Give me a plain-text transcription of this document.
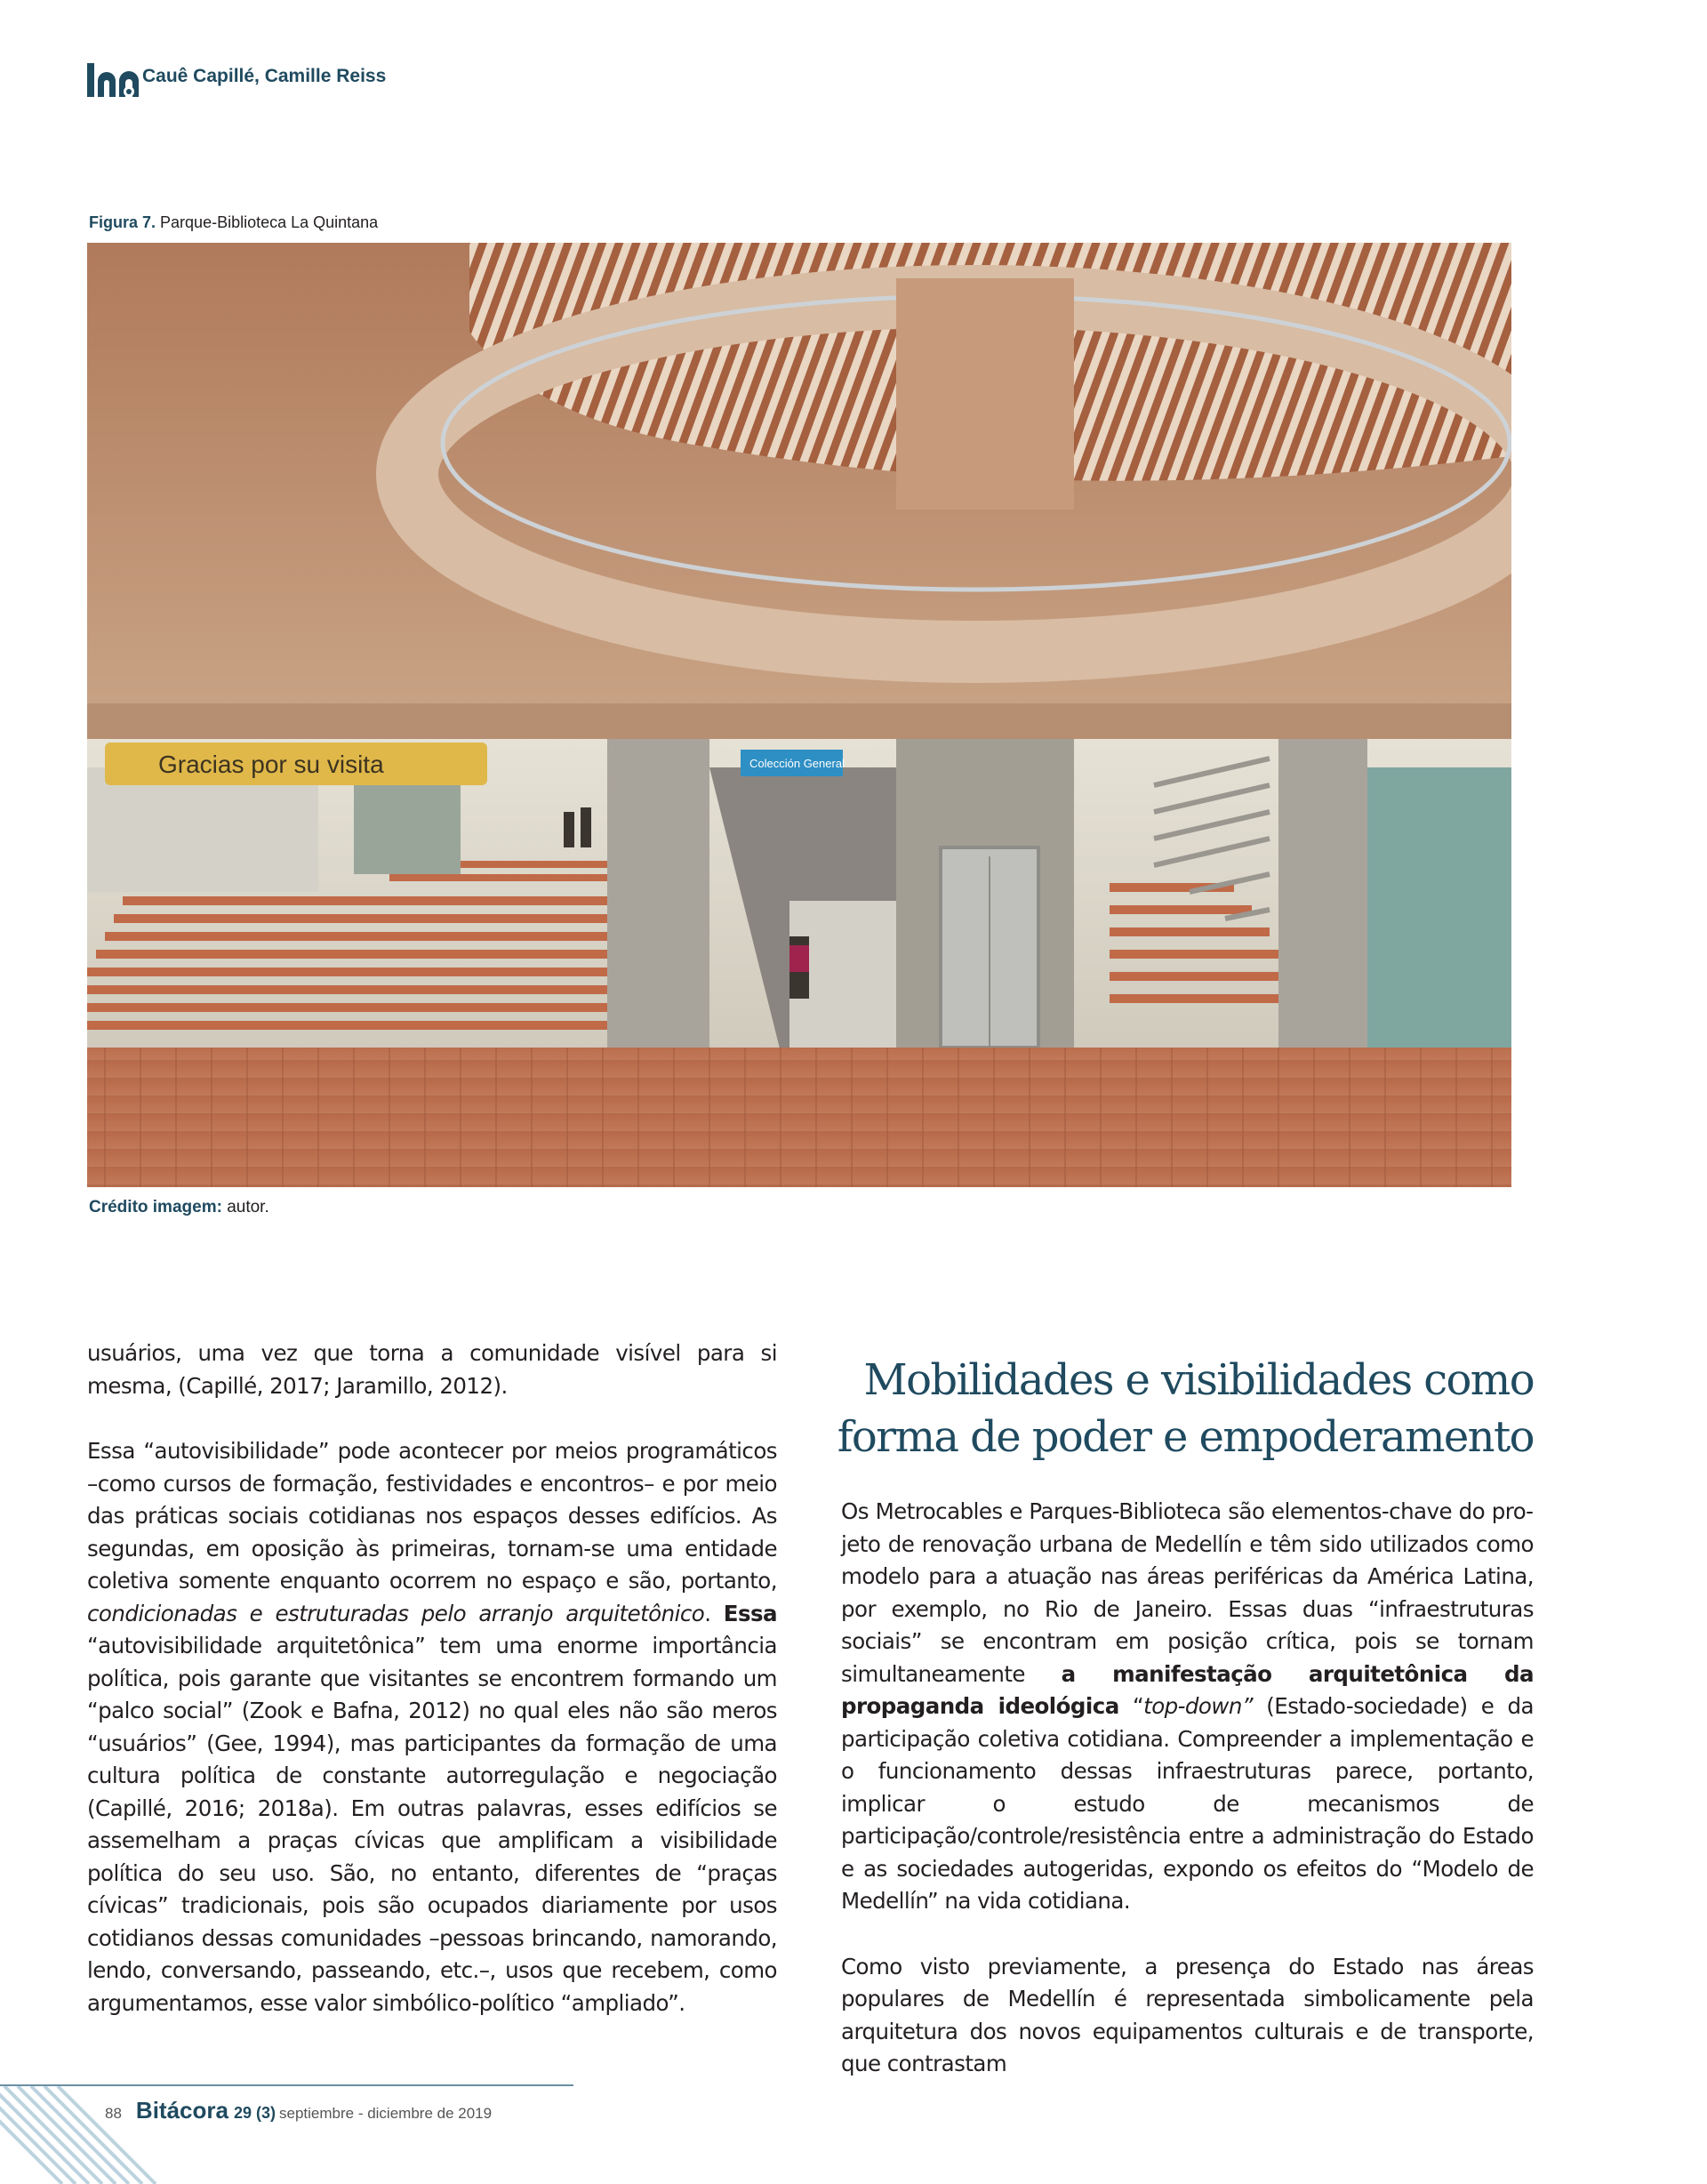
Cauê Capillé, Camille Reiss
Figura 7. Parque-Biblioteca La Quintana
Gracias por su visita	Colección General
Crédito imagem: autor.

usuários, uma vez que torna a comunidade visível para si mesma, (Capillé, 2017; Jaramillo, 2012).

Essa “autovisibilidade” pode acontecer por meios programáticos –como cursos de formação, festividades e encontros– e por meio das práticas sociais cotidianas nos espaços desses edifícios. As segundas, em oposição às primeiras, tornam-se uma entidade coletiva somente enquanto ocorrem no espaço e são, portanto, condicionadas e estruturadas pelo arranjo arquitetônico. Essa “autovisibilidade arquitetônica” tem uma enorme importância política, pois garante que visitantes se encontrem formando um “palco social” (Zook e Bafna, 2012) no qual eles não são meros “usuários” (Gee, 1994), mas participantes da formação de uma cultura política de constante autorregulação e negociação (Capillé, 2016; 2018a). Em outras palavras, esses edifícios se assemelham a praças cívicas que amplificam a visibilidade política do seu uso. São, no entanto, diferentes de “praças cívicas” tradicionais, pois são ocupados diariamente por usos cotidianos dessas comunidades –pessoas brincando, namorando, lendo, conversando, passeando, etc.–, usos que recebem, como argumentamos, esse valor simbólico-político “ampliado”.

Mobilidades e visibilidades como
forma de poder e empoderamento

Os Metrocables e Parques-Biblioteca são elementos-chave do projeto de renovação urbana de Medellín e têm sido utilizados como modelo para a atuação nas áreas periféricas da América Latina, por exemplo, no Rio de Janeiro. Essas duas “infraestruturas sociais” se encontram em posição crítica, pois se tornam simultaneamente a manifestação arquitetônica da propaganda ideológica “top-down” (Estado-sociedade) e da participação coletiva cotidiana. Compreender a implementação e o funcionamento dessas infraestruturas parece, portanto, implicar o estudo de mecanismos de participação/controle/resistência entre a administração do Estado e as sociedades autogeridas, expondo os efeitos do “Modelo de Medellín” na vida cotidiana.

Como visto previamente, a presença do Estado nas áreas populares de Medellín é representada simbolicamente pela arquitetura dos novos equipamentos culturais e de transporte, que contrastam

88 Bitácora 29 (3) septiembre - diciembre de 2019
